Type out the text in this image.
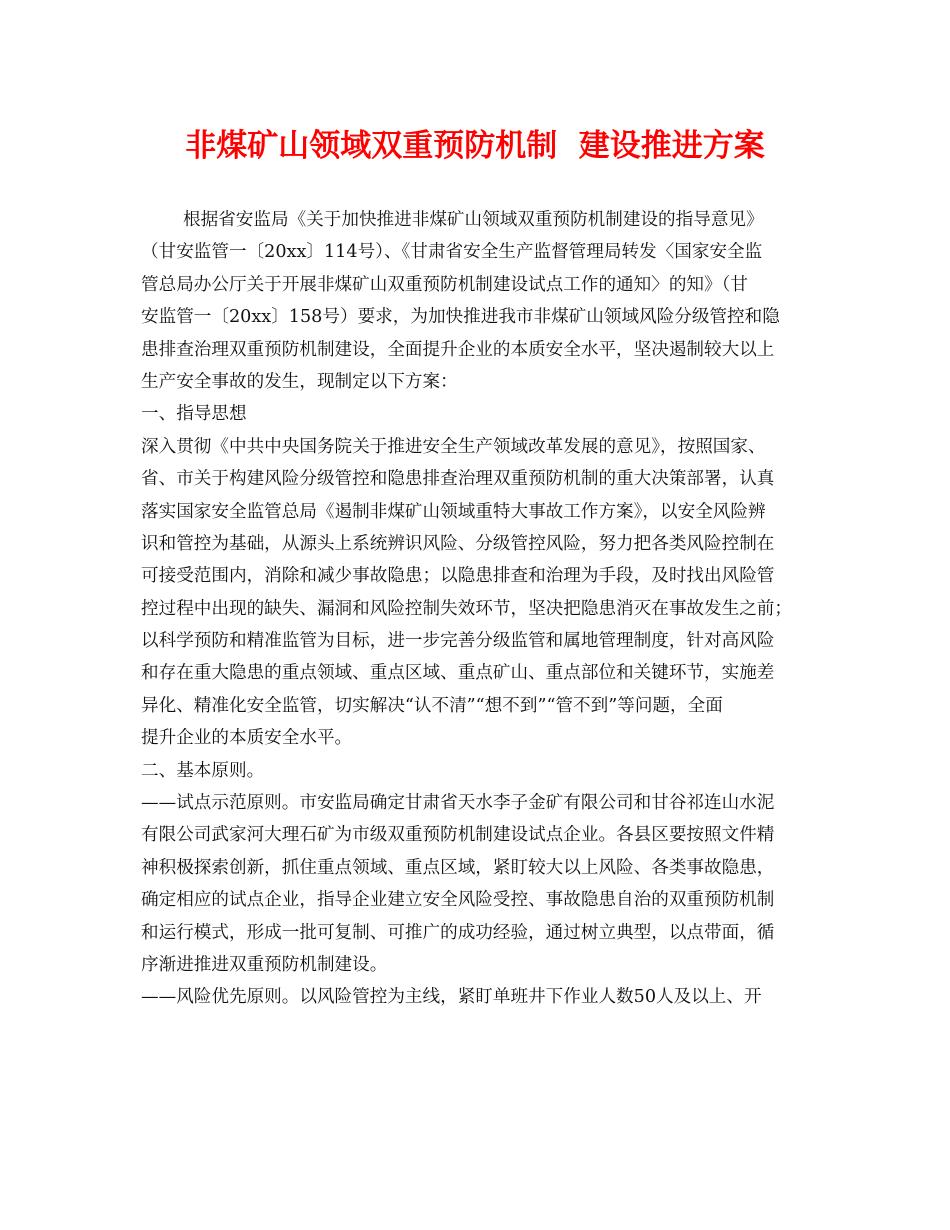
非煤矿山领域双重预防机制  建设推进方案
根据省安监局《关于加快推进非煤矿山领域双重预防机制建设的指导意见》
（甘安监管一〔20xx〕114号）、《甘肃省安全生产监督管理局转发〈国家安全监
管总局办公厅关于开展非煤矿山双重预防机制建设试点工作的通知〉的知》（甘
安监管一〔20xx〕158号）要求，为加快推进我市非煤矿山领域风险分级管控和隐
患排查治理双重预防机制建设，全面提升企业的本质安全水平，坚决遏制较大以上
生产安全事故的发生，现制定以下方案：
一、指导思想
深入贯彻《中共中央国务院关于推进安全生产领域改革发展的意见》，按照国家、
省、市关于构建风险分级管控和隐患排查治理双重预防机制的重大决策部署，认真
落实国家安全监管总局《遏制非煤矿山领域重特大事故工作方案》，以安全风险辨
识和管控为基础，从源头上系统辨识风险、分级管控风险，努力把各类风险控制在
可接受范围内，消除和减少事故隐患；以隐患排查和治理为手段，及时找出风险管
控过程中出现的缺失、漏洞和风险控制失效环节，坚决把隐患消灭在事故发生之前；
以科学预防和精准监管为目标，进一步完善分级监管和属地管理制度，针对高风险
和存在重大隐患的重点领域、重点区域、重点矿山、重点部位和关键环节，实施差
异化、精准化安全监管，切实解决“认不清”“想不到”“管不到”等问题，全面
提升企业的本质安全水平。
二、基本原则。
——试点示范原则。市安监局确定甘肃省天水李子金矿有限公司和甘谷祁连山水泥
有限公司武家河大理石矿为市级双重预防机制建设试点企业。各县区要按照文件精
神积极探索创新，抓住重点领域、重点区域，紧盯较大以上风险、各类事故隐患，
确定相应的试点企业，指导企业建立安全风险受控、事故隐患自治的双重预防机制
和运行模式，形成一批可复制、可推广的成功经验，通过树立典型，以点带面，循
序渐进推进双重预防机制建设。
——风险优先原则。以风险管控为主线，紧盯单班井下作业人数50人及以上、开
